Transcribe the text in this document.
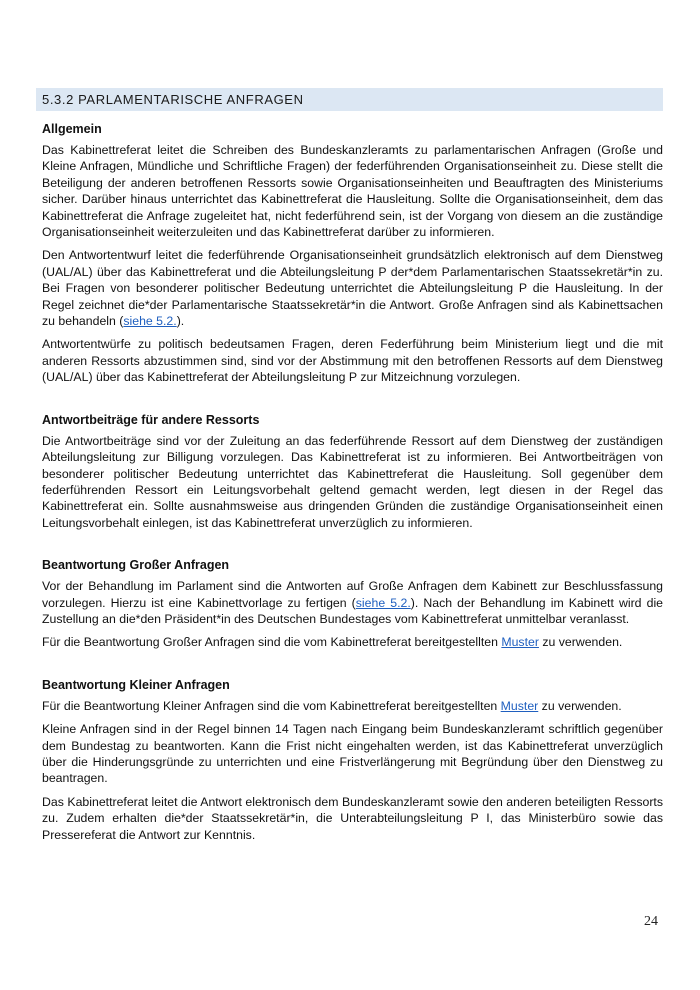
5.3.2 PARLAMENTARISCHE ANFRAGEN
Allgemein

Das Kabinettreferat leitet die Schreiben des Bundeskanzleramts zu parlamentarischen Anfragen (Große und Kleine Anfragen, Mündliche und Schriftliche Fragen) der federführenden Organisationseinheit zu. Diese stellt die Beteiligung der anderen betroffenen Ressorts sowie Organisationseinheiten und Beauftragten des Ministeriums sicher. Darüber hinaus unterrichtet das Kabinettreferat die Hausleitung. Sollte die Organisationseinheit, dem das Kabinettreferat die Anfrage zugeleitet hat, nicht federführend sein, ist der Vorgang von diesem an die zuständige Organisationseinheit weiterzuleiten und das Kabinettreferat darüber zu informieren.

Den Antwortentwurf leitet die federführende Organisationseinheit grundsätzlich elektronisch auf dem Dienstweg (UAL/AL) über das Kabinettreferat und die Abteilungsleitung P der*dem Parlamentarischen Staatssekretär*in zu. Bei Fragen von besonderer politischer Bedeutung unterrichtet die Abteilungsleitung P die Hausleitung. In der Regel zeichnet die*der Parlamentarische Staatssekretär*in die Antwort. Große Anfragen sind als Kabinettsachen zu behandeln (siehe 5.2.).

Antwortentwürfe zu politisch bedeutsamen Fragen, deren Federführung beim Ministerium liegt und die mit anderen Ressorts abzustimmen sind, sind vor der Abstimmung mit den betroffenen Ressorts auf dem Dienstweg (UAL/AL) über das Kabinettreferat der Abteilungsleitung P zur Mitzeichnung vorzulegen.

Antwortbeiträge für andere Ressorts

Die Antwortbeiträge sind vor der Zuleitung an das federführende Ressort auf dem Dienstweg der zuständigen Abteilungsleitung zur Billigung vorzulegen. Das Kabinettreferat ist zu informieren. Bei Antwortbeiträgen von besonderer politischer Bedeutung unterrichtet das Kabinettreferat die Hausleitung. Soll gegenüber dem federführenden Ressort ein Leitungsvorbehalt geltend gemacht werden, legt diesen in der Regel das Kabinettreferat ein. Sollte ausnahmsweise aus dringenden Gründen die zuständige Organisationseinheit einen Leitungsvorbehalt einlegen, ist das Kabinettreferat unverzüglich zu informieren.

Beantwortung Großer Anfragen

Vor der Behandlung im Parlament sind die Antworten auf Große Anfragen dem Kabinett zur Beschlussfassung vorzulegen. Hierzu ist eine Kabinettvorlage zu fertigen (siehe 5.2.). Nach der Behandlung im Kabinett wird die Zustellung an die*den Präsident*in des Deutschen Bundestages vom Kabinettreferat unmittelbar veranlasst.

Für die Beantwortung Großer Anfragen sind die vom Kabinettreferat bereitgestellten Muster zu verwenden.

Beantwortung Kleiner Anfragen

Für die Beantwortung Kleiner Anfragen sind die vom Kabinettreferat bereitgestellten Muster zu verwenden.

Kleine Anfragen sind in der Regel binnen 14 Tagen nach Eingang beim Bundeskanzleramt schriftlich gegenüber dem Bundestag zu beantworten. Kann die Frist nicht eingehalten werden, ist das Kabinettreferat unverzüglich über die Hinderungsgründe zu unterrichten und eine Fristverlängerung mit Begründung über den Dienstweg zu beantragen.

Das Kabinettreferat leitet die Antwort elektronisch dem Bundeskanzleramt sowie den anderen beteiligten Ressorts zu. Zudem erhalten die*der Staatssekretär*in, die Unterabteilungsleitung P I, das Ministerbüro sowie das Pressereferat die Antwort zur Kenntnis.

24
